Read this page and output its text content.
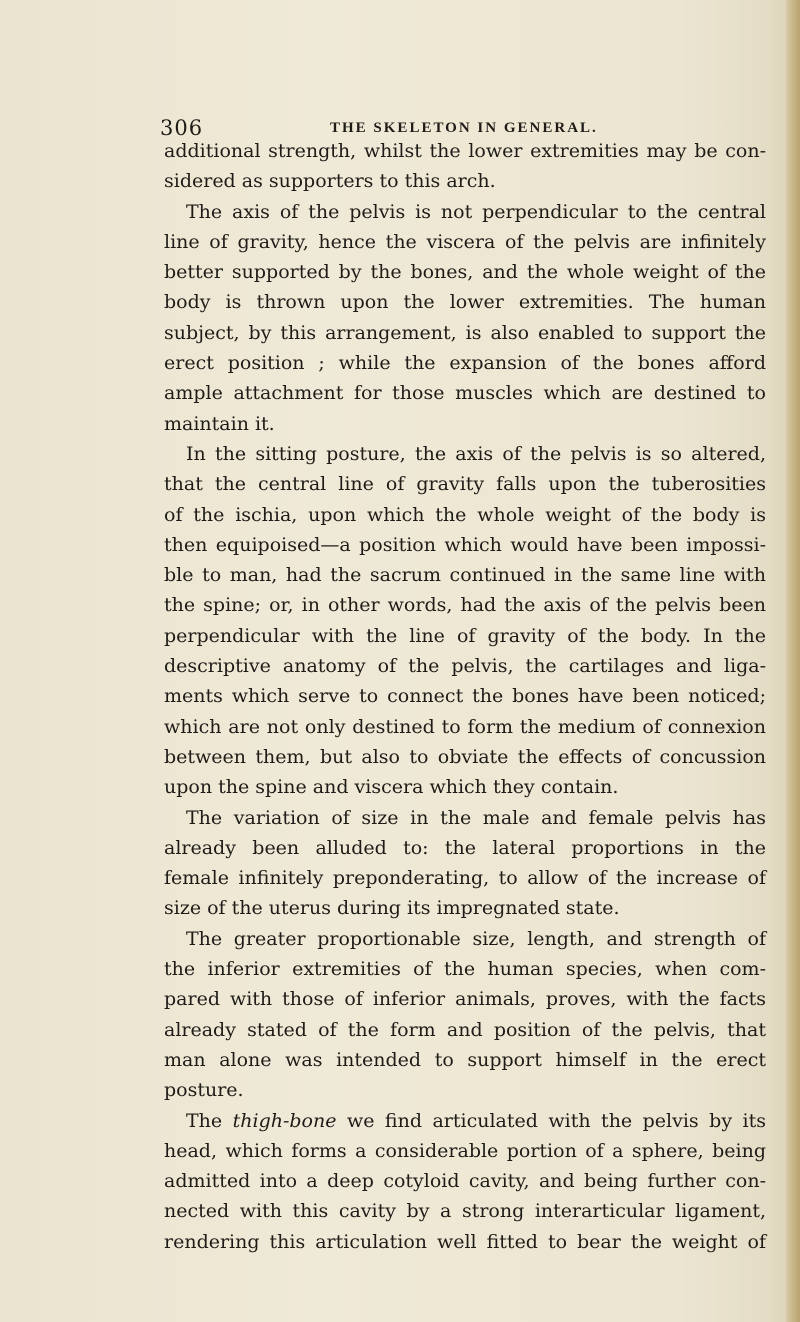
306	THE SKELETON IN GENERAL.
additional strength, whilst the lower extremities may be con-
sidered as supporters to this arch.
The axis of the pelvis is not perpendicular to the central
line of gravity, hence the viscera of the pelvis are infinitely
better supported by the bones, and the whole weight of the
body is thrown upon the lower extremities. The human
subject, by this arrangement, is also enabled to support the
erect position ; while the expansion of the bones afford
ample attachment for those muscles which are destined to
maintain it.
In the sitting posture, the axis of the pelvis is so altered,
that the central line of gravity falls upon the tuberosities
of the ischia, upon which the whole weight of the body is
then equipoised—a position which would have been impossi-
ble to man, had the sacrum continued in the same line with
the spine; or, in other words, had the axis of the pelvis been
perpendicular with the line of gravity of the body. In the
descriptive anatomy of the pelvis, the cartilages and liga-
ments which serve to connect the bones have been noticed;
which are not only destined to form the medium of connexion
between them, but also to obviate the effects of concussion
upon the spine and viscera which they contain.
The variation of size in the male and female pelvis has
already been alluded to: the lateral proportions in the
female infinitely preponderating, to allow of the increase of
size of the uterus during its impregnated state.
The greater proportionable size, length, and strength of
the inferior extremities of the human species, when com-
pared with those of inferior animals, proves, with the facts
already stated of the form and position of the pelvis, that
man alone was intended to support himself in the erect
posture.
The thigh-bone we find articulated with the pelvis by its
head, which forms a considerable portion of a sphere, being
admitted into a deep cotyloid cavity, and being further con-
nected with this cavity by a strong interarticular ligament,
rendering this articulation well fitted to bear the weight of
